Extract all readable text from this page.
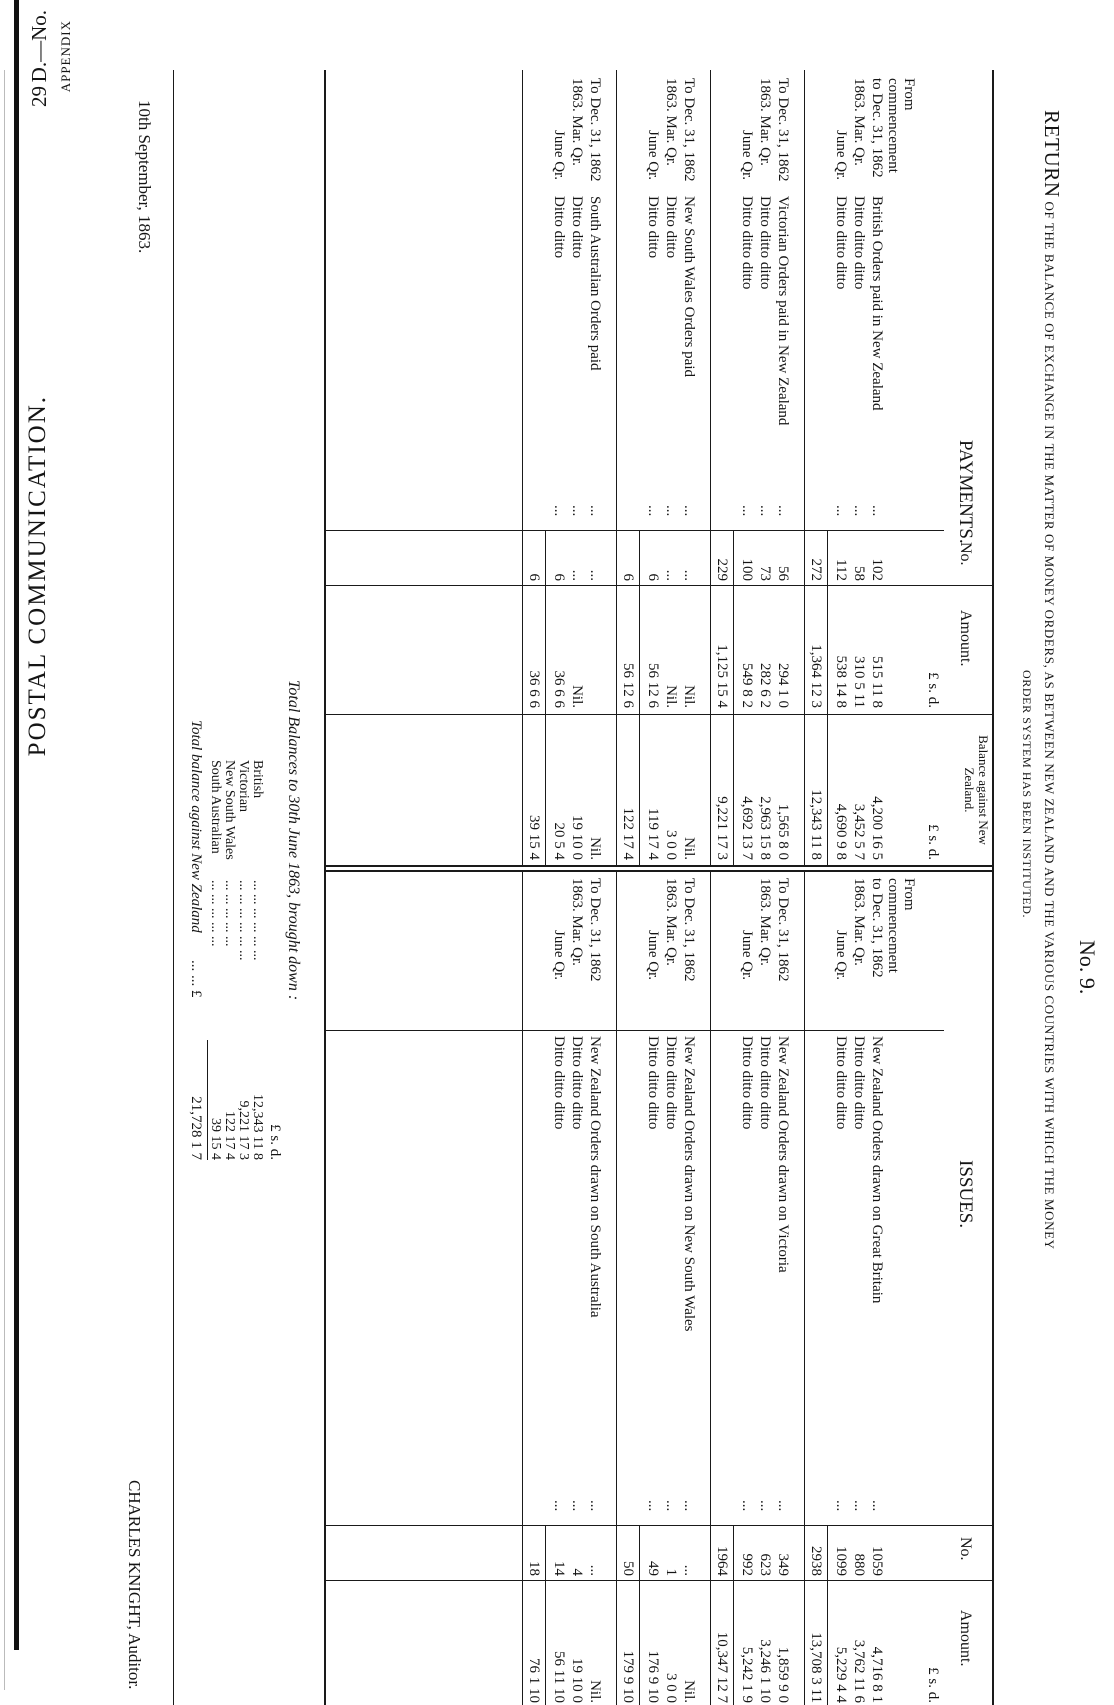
29
D.—No. APPENDIX
POSTAL COMMUNICATION.
No. 9.
RETURN OF THE BALANCE OF EXCHANGE IN THE MATTER OF MONEY ORDERS, AS BETWEEN NEW ZEALAND AND THE VARIOUS COUNTRIES WITH WHICH THE MONEY
ORDER SYSTEM HAS BEEN INSTITUTED.
PAYMENTS.
No.
Amount.
Balance against New Zealand.
£ s. d.
£ s. d.
From
commencement
to Dec. 31, 1862
British Orders paid in New Zealand
...
102
515 11 8
4,200 16 5
1863. Mar. Qr.
Ditto ditto ditto
...
58
310 5 11
3,452 5 7
June Qr.
Ditto ditto ditto
...
112
538 14 8
4,690 9 8
272
1,364 12 3
12,343 11 8
To Dec. 31, 1862
Victorian Orders paid in New Zealand
...
56
294 1 0
1,565 8 0
1863. Mar. Qr.
Ditto ditto ditto
...
73
282 6 2
2,963 15 8
June Qr.
Ditto ditto ditto
...
100
549 8 2
4,692 13 7
229
1,125 15 4
9,221 17 3
To Dec. 31, 1862
New South Wales Orders paid
...
...
Nil.
Nil.
1863. Mar. Qr.
Ditto ditto
...
...
Nil.
3 0 0
June Qr.
Ditto ditto
...
6
56 12 6
119 17 4
6
56 12 6
122 17 4
To Dec. 31, 1862
South Australian Orders paid
...
...
Nil.
1863. Mar. Qr.
Ditto ditto
...
...
Nil.
19 10 0
June Qr.
Ditto ditto
...
6
36 6 6
20 5 4
6
36 6 6
39 15 4
ISSUES.
No.
Amount.
£ s. d.
From
commencement
to Dec. 31, 1862
New Zealand Orders drawn on Great Britain
...
1059
4,716 8 1
1863. Mar. Qr.
Ditto ditto ditto
...
880
3,762 11 6
June Qr.
Ditto ditto ditto
...
1099
5,229 4 4
2938
13,708 3 11
To Dec. 31, 1862
New Zealand Orders drawn on Victoria
...
349
1,859 9 0
1863. Mar. Qr.
Ditto ditto ditto
...
623
3,246 1 10
June Qr.
Ditto ditto ditto
...
992
5,242 1 9
1964
10,347 12 7
To Dec. 31, 1862
New Zealand Orders drawn on New South Wales
...
...
Nil.
1863. Mar. Qr.
Ditto ditto ditto
...
1
3 0 0
June Qr.
Ditto ditto ditto
...
49
176 9 10
50
179 9 10
To Dec. 31, 1862
New Zealand Orders drawn on South Australia
...
...
Nil.
1863. Mar. Qr.
Ditto ditto ditto
...
4
19 10 0
June Qr.
Ditto ditto ditto
...
14
56 11 10
18
76 1 10
Total Balances to 30th June 1863, brought down :
£ s. d.
British
... ... ... ... ... ...
12,343 11 8
Victorian
... ... ... ... ... ...
9,221 17 3
New South Wales
... ... ... ... ...
122 17 4
South Australian
... ... ... ... ...
39 15 4
Total balance against New Zealand
... ... £
21,728 1 7
10th September, 1863.
CHARLES KNIGHT, Auditor.
